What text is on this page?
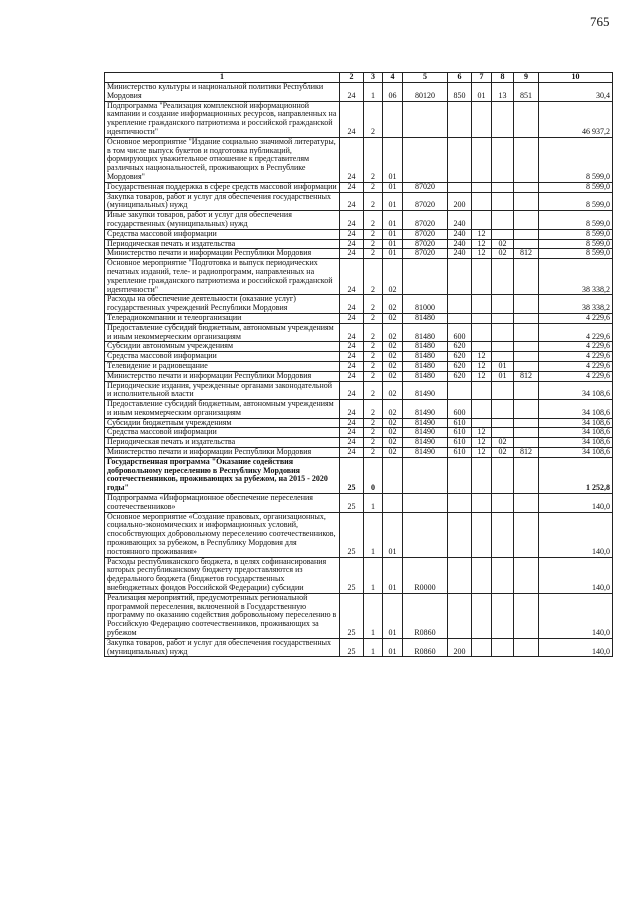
765
1	2	3	4	5	6	7	8	9	10
Министерство культуры и национальной политики Республики Мордовия	24	1	06	80120	850	01	13	851	30,4
Подпрограмма "Реализация комплексной информационной кампании и создание информационных ресурсов, направленных на укрепление гражданского патриотизма и российской гражданской идентичности"	24	2							46 937,2
Основное мероприятие "Издание социально значимой литературы, в том числе выпуск букетов и подготовка публикаций, формирующих уважительное отношение к представителям различных национальностей, проживающих в Республике Мордовия"	24	2	01						8 599,0
Государственная поддержка в сфере средств массовой информации	24	2	01	87020					8 599,0
Закупка товаров, работ и услуг для обеспечения государственных (муниципальных) нужд	24	2	01	87020	200				8 599,0
Иные закупки товаров, работ и услуг для обеспечения государственных (муниципальных) нужд	24	2	01	87020	240				8 599,0
Средства массовой информации	24	2	01	87020	240	12			8 599,0
Периодическая печать и издательства	24	2	01	87020	240	12	02		8 599,0
Министерство печати и информации Республики Мордовия	24	2	01	87020	240	12	02	812	8 599,0
Основное мероприятие "Подготовка и выпуск периодических печатных изданий, теле- и радиопрограмм, направленных на укрепление гражданского патриотизма и российской гражданской идентичности"	24	2	02						38 338,2
Расходы на обеспечение деятельности (оказание услуг) государственных учреждений Республики Мордовия	24	2	02	81000					38 338,2
Телерадиокомпании и телеорганизации	24	2	02	81480					4 229,6
Предоставление субсидий бюджетным, автономным учреждениям и иным некоммерческим организациям	24	2	02	81480	600				4 229,6
Субсидии автономным учреждениям	24	2	02	81480	620				4 229,6
Средства массовой информации	24	2	02	81480	620	12			4 229,6
Телевидение и радиовещание	24	2	02	81480	620	12	01		4 229,6
Министерство печати и информации Республики Мордовия	24	2	02	81480	620	12	01	812	4 229,6
Периодические издания, учрежденные органами законодательной и исполнительной власти	24	2	02	81490					34 108,6
Предоставление субсидий бюджетным, автономным учреждениям и иным некоммерческим организациям	24	2	02	81490	600				34 108,6
Субсидии бюджетным учреждениям	24	2	02	81490	610				34 108,6
Средства массовой информации	24	2	02	81490	610	12			34 108,6
Периодическая печать и издательства	24	2	02	81490	610	12	02		34 108,6
Министерство печати и информации Республики Мордовия	24	2	02	81490	610	12	02	812	34 108,6
Государственная программа "Оказание содействия добровольному переселению в Республику Мордовия соотечественников, проживающих за рубежом, на 2015 - 2020 годы"	25	0							1 252,8
Подпрограмма «Информационное обеспечение переселения соотечественников»	25	1							140,0
Основное мероприятие «Создание правовых, организационных, социально-экономических и информационных условий, способствующих добровольному переселению соотечественников, проживающих за рубежом, в Республику Мордовия для постоянного проживания»	25	1	01						140,0
Расходы республиканского бюджета, в целях софинансирования которых республиканскому бюджету предоставляются из федерального бюджета (бюджетов государственных внебюджетных фондов Российской Федерации) субсидии	25	1	01	R0000					140,0
Реализация мероприятий, предусмотренных региональной программой переселения, включенной в Государственную программу по оказанию содействия добровольному переселению в Российскую Федерацию соотечественников, проживающих за рубежом	25	1	01	R0860					140,0
Закупка товаров, работ и услуг для обеспечения государственных (муниципальных) нужд	25	1	01	R0860	200				140,0
